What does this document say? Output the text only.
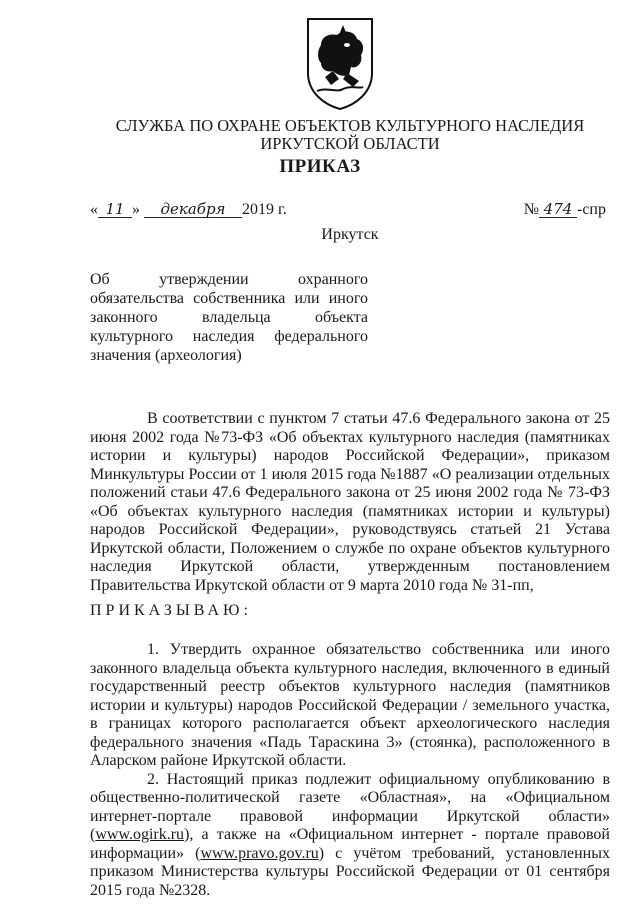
СЛУЖБА ПО ОХРАНЕ ОБЪЕКТОВ КУЛЬТУРНОГО НАСЛЕДИЯ
ИРКУТСКОЙ ОБЛАСТИ
ПРИКАЗ
« 11 » декабря 2019 г.	№ 474 -спр
Иркутск
Об утверждении охранного обязательства собственника или иного законного владельца объекта культурного наследия федерального значения (археология)

В соответствии с пунктом 7 статьи 47.6 Федерального закона от 25 июня 2002 года №73-ФЗ «Об объектах культурного наследия (памятниках истории и культуры) народов Российской Федерации», приказом Минкультуры России от 1 июля 2015 года №1887 «О реализации отдельных положений стаьи 47.6 Федерального закона от 25 июня 2002 года № 73-ФЗ «Об объектах культурного наследия (памятниках истории и культуры) народов Российской Федерации», руководствуясь статьей 21 Устава Иркутской области, Положением о службе по охране объектов культурного наследия Иркутской области, утвержденным постановлением Правительства Иркутской области от 9 марта 2010 года № 31-пп,

ПРИКАЗЫВАЮ:

1. Утвердить охранное обязательство собственника или иного законного владельца объекта культурного наследия, включенного в единый государственный реестр объектов культурного наследия (памятников истории и культуры) народов Российской Федерации / земельного участка, в границах которого располагается объект археологического наследия федерального значения «Падь Тараскина 3» (стоянка), расположенного в Аларском районе Иркутской области.

2. Настоящий приказ подлежит официальному опубликованию в общественно-политической газете «Областная», на «Официальном интернет-портале правовой информации Иркутской области» (www.ogirk.ru), а также на «Официальном интернет - портале правовой информации» (www.pravo.gov.ru) с учётом требований, установленных приказом Министерства культуры Российской Федерации от 01 сентября 2015 года №2328.
